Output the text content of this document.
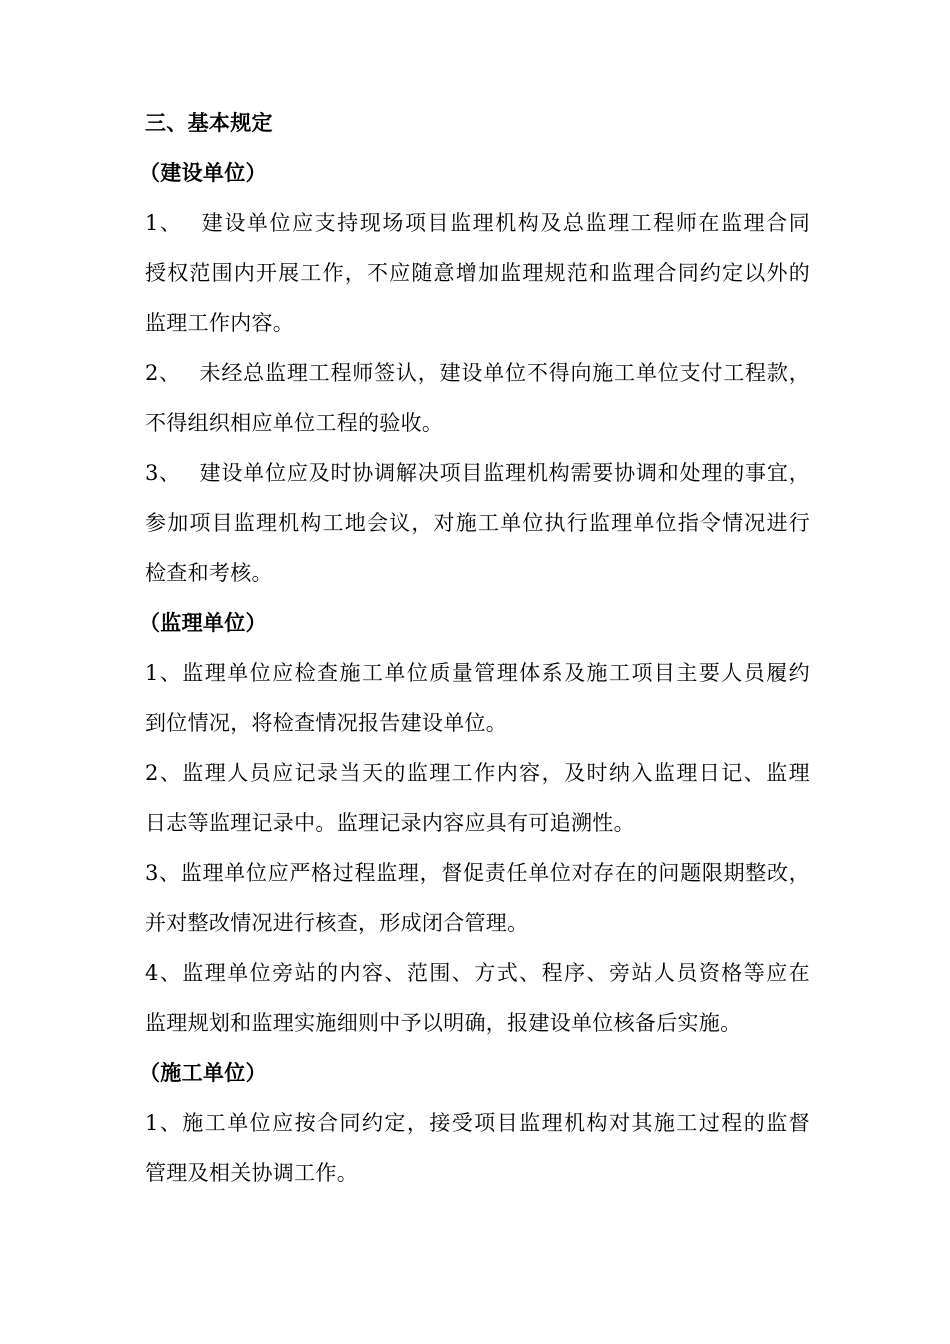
三、基本规定
（建设单位）
1、 建设单位应支持现场项目监理机构及总监理工程师在监理合同
授权范围内开展工作，不应随意增加监理规范和监理合同约定以外的
监理工作内容。
2、 未经总监理工程师签认，建设单位不得向施工单位支付工程款，
不得组织相应单位工程的验收。
3、 建设单位应及时协调解决项目监理机构需要协调和处理的事宜，
参加项目监理机构工地会议，对施工单位执行监理单位指令情况进行
检查和考核。
（监理单位）
1、监理单位应检查施工单位质量管理体系及施工项目主要人员履约
到位情况，将检查情况报告建设单位。
2、监理人员应记录当天的监理工作内容，及时纳入监理日记、监理
日志等监理记录中。监理记录内容应具有可追溯性。
3、监理单位应严格过程监理，督促责任单位对存在的问题限期整改，
并对整改情况进行核查，形成闭合管理。
4、监理单位旁站的内容、范围、方式、程序、旁站人员资格等应在
监理规划和监理实施细则中予以明确，报建设单位核备后实施。
（施工单位）
1、施工单位应按合同约定，接受项目监理机构对其施工过程的监督
管理及相关协调工作。
